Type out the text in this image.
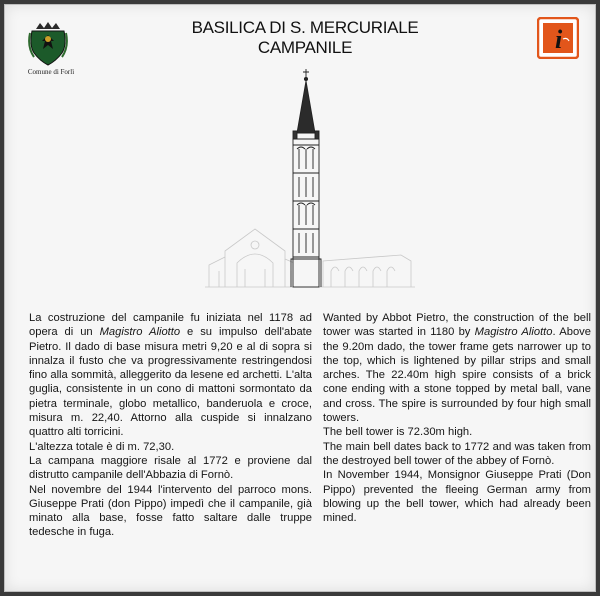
Comune di Forlì
BASILICA DI S. MERCURIALE
CAMPANILE	i

La costruzione del campanile fu iniziata nel 1178 ad opera di un Magistro Aliotto e su impulso dell'abate Pietro. Il dado di base misura metri 9,20 e al di sopra si innalza il fusto che va progressivamente restringendosi fino alla sommità, alleggerito da lesene ed archetti. L'alta guglia, consistente in un cono di mattoni sormontato da pietra terminale, globo metallico, banderuola e croce, misura m. 22,40. Attorno alla cuspide si innalzano quattro alti torricini.

L'altezza totale è di m. 72,30.

La campana maggiore risale al 1772 e proviene dal distrutto campanile dell'Abbazia di Fornò.

Nel novembre del 1944 l'intervento del parroco mons. Giuseppe Prati (don Pippo) impedì che il campanile, già minato alla base, fosse fatto saltare dalle truppe tedesche in fuga.

Wanted by Abbot Pietro, the construction of the bell tower was started in 1180 by Magistro Aliotto. Above the 9.20m dado, the tower frame gets narrower up to the top, which is lightened by pillar strips and small arches. The 22.40m high spire consists of a brick cone ending with a stone topped by metal ball, vane and cross. The spire is surrounded by four high small towers.

The bell tower is 72.30m high.

The main bell dates back to 1772 and was taken from the destroyed bell tower of the abbey of Fornò.

In November 1944, Monsignor Giuseppe Prati (Don Pippo) prevented the fleeing German army from blowing up the bell tower, which had already been mined.
